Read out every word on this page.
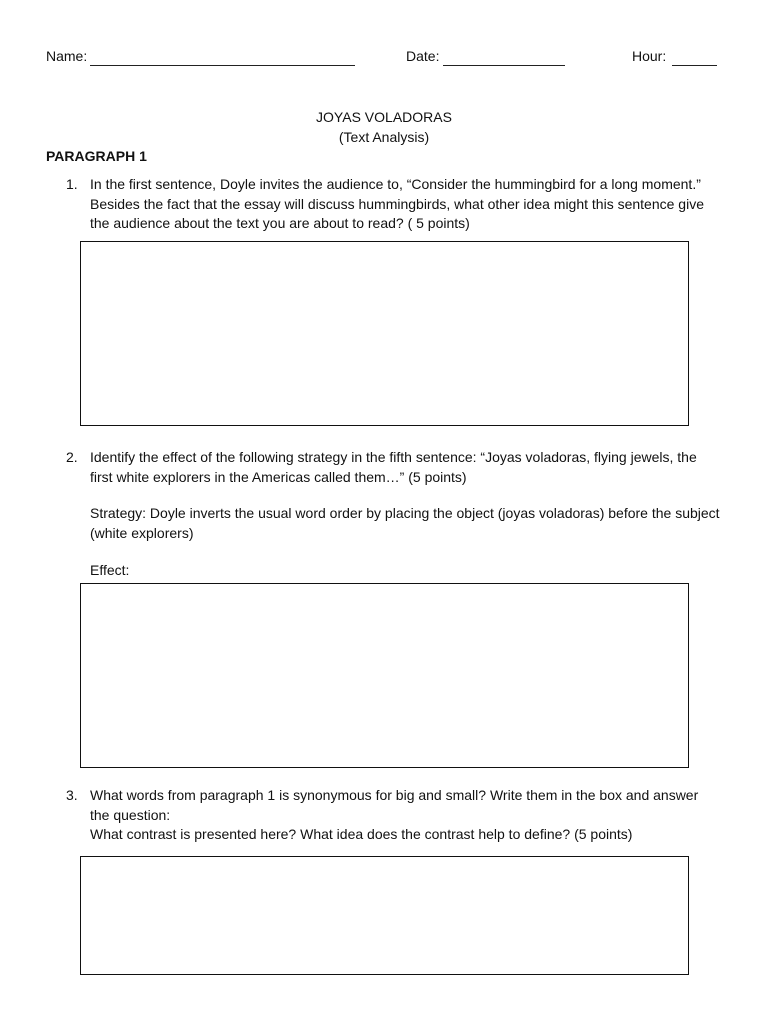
Name:	Date:	Hour:
JOYAS VOLADORAS
(Text Analysis)
PARAGRAPH 1
1. In the first sentence, Doyle invites the audience to, “Consider the hummingbird for a long moment.” Besides the fact that the essay will discuss hummingbirds, what other idea might this sentence give the audience about the text you are about to read? ( 5 points)
2. Identify the effect of the following strategy in the fifth sentence: “Joyas voladoras, flying jewels, the first white explorers in the Americas called them…” (5 points)
Strategy: Doyle inverts the usual word order by placing the object (joyas voladoras) before the subject (white explorers)
Effect:
3. What words from paragraph 1 is synonymous for big and small? Write them in the box and answer the question:
What contrast is presented here? What idea does the contrast help to define? (5 points)
